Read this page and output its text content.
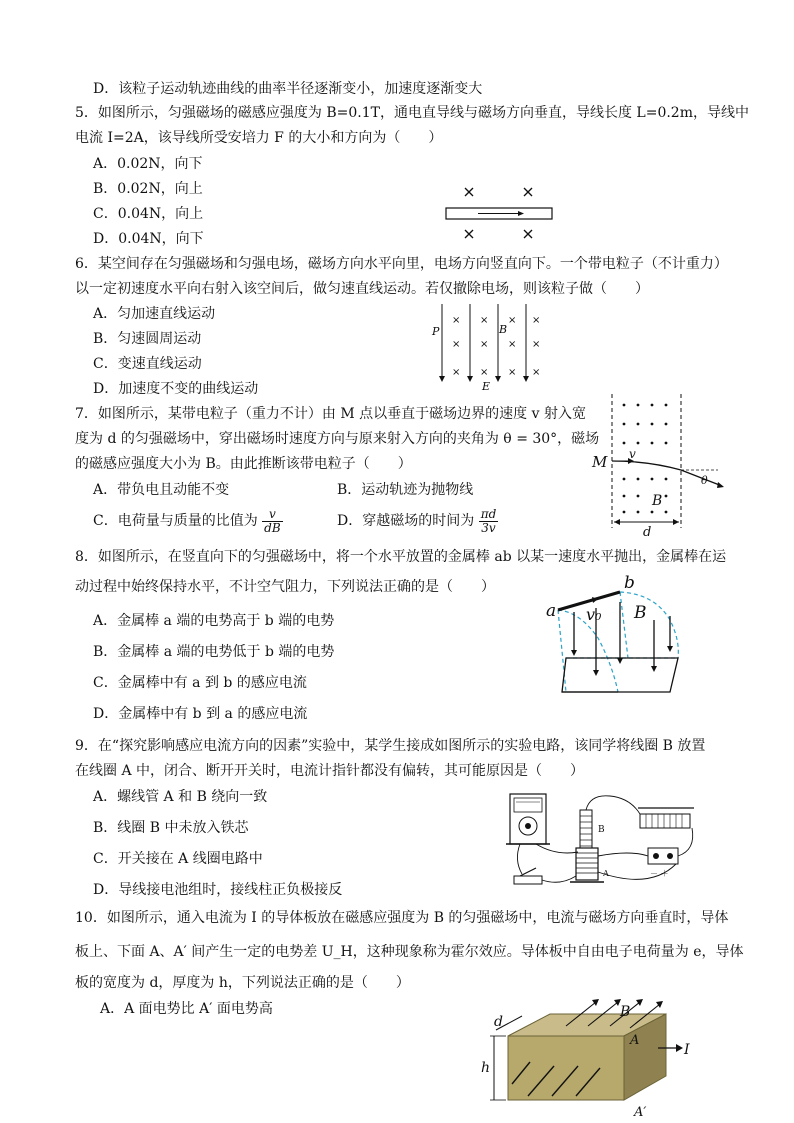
D．该粒子运动轨迹曲线的曲率半径逐渐变小，加速度逐渐变大
5．如图所示，匀强磁场的磁感应强度为 B=0.1T，通电直导线与磁场方向垂直，导线长度 L=0.2m，导线中
电流 I=2A，该导线所受安培力 F 的大小和方向为（　　）
A．0.02N，向下
B．0.02N，向上
C．0.04N，向上
D．0.04N，向下
6．某空间存在匀强磁场和匀强电场，磁场方向水平向里，电场方向竖直向下。一个带电粒子（不计重力）
以一定初速度水平向右射入该空间后，做匀速直线运动。若仅撤除电场，则该粒子做（　　）
A．匀加速直线运动
B．匀速圆周运动
C．变速直线运动
D．加速度不变的曲线运动
× × × ×
× × × ×
× × × ×
P	B
E
7．如图所示，某带电粒子（重力不计）由 M 点以垂直于磁场边界的速度 v 射入宽
度为 d 的匀强磁场中，穿出磁场时速度方向与原来射入方向的夹角为 θ = 30°，磁场
的磁感应强度大小为 B。由此推断该带电粒子（　　）
A．带负电且动能不变	B．运动轨迹为抛物线
C．电荷量与质量的比值为 $\frac{v}{dB}$	D．穿越磁场的时间为 $\frac{\pi d}{3v}$
M v
θ
B
d
8．如图所示，在竖直向下的匀强磁场中，将一个水平放置的金属棒 ab 以某一速度水平抛出，金属棒在运
动过程中始终保持水平，不计空气阻力，下列说法正确的是（　　）
A．金属棒 a 端的电势高于 b 端的电势
B．金属棒 a 端的电势低于 b 端的电势
C．金属棒中有 a 到 b 的感应电流
D．金属棒中有 b 到 a 的感应电流
a
b
v₀ B
9．在“探究影响感应电流方向的因素”实验中，某学生接成如图所示的实验电路，该同学将线圈 B 放置
在线圈 A 中，闭合、断开开关时，电流计指针都没有偏转，其可能原因是（　　）
A．螺线管 A 和 B 绕向一致
B．线圈 B 中未放入铁芯
C．开关接在 A 线圈电路中
D．导线接电池组时，接线柱正负极接反
B
A	－ ＋
10．如图所示，通入电流为 I 的导体板放在磁感应强度为 B 的匀强磁场中，电流与磁场方向垂直时，导体
板上、下面 A、A′ 间产生一定的电势差 U_H，这种现象称为霍尔效应。导体板中自由电子电荷量为 e，导体
板的宽度为 d，厚度为 h，下列说法正确的是（　　）
A．A 面电势比 A′ 面电势高
d
h
B
A
A′
I
